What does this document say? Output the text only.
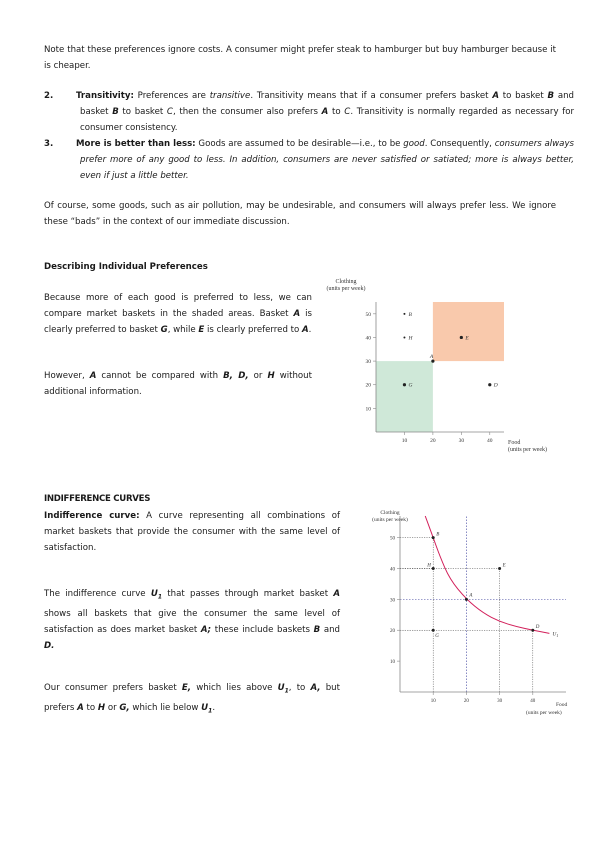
Note that these preferences ignore costs. A consumer might prefer steak to hamburger but buy hamburger because it is cheaper.
2.	Transitivity: Preferences are transitive. Transitivity means that if a consumer prefers basket A to basket B and basket B to basket C, then the consumer also prefers A to C. Transitivity is normally regarded as necessary for consumer consistency.
3.	More is better than less: Goods are assumed to be desirable—i.e., to be good. Consequently, consumers always prefer more of any good to less. In addition, consumers are never satisfied or satiated; more is always better, even if just a little better.
Of course, some goods, such as air pollution, may be undesirable, and consumers will always prefer less. We ignore these “bads” in the context of our immediate discussion.
Describing Individual Preferences
Because more of each good is preferred to less, we can compare market baskets in the shaded areas. Basket A is clearly preferred to basket G, while E is clearly preferred to A.
However, A cannot be compared with B, D, or H without additional information.
10
20
30
40
50
10	20	30	40
A
B
D
E
G
H
Clothing
(units per week)
Food
(units per week)
INDIFFERENCE CURVES
Indifference curve: A curve representing all combinations of market baskets that provide the consumer with the same level of satisfaction.
The indifference curve $U_1$ that passes through market basket A shows all baskets that give the consumer the same level of satisfaction as does market basket A; these include baskets B and D.
Our consumer prefers basket E, which lies above $U_1$, to A, but prefers A to H or G, which lie below $U_1$.
10
20
30
40
50
10	20	30	40
$U_1$
A
B
D
E
G
H
Clothing
(units per week)
Food
(units per week)
